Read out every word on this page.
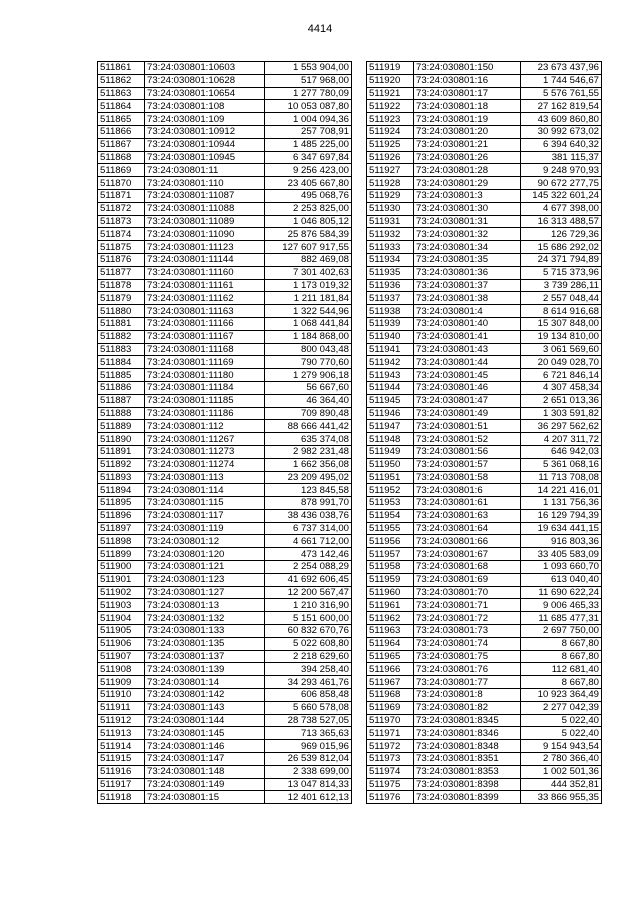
4414
511861	73:24:030801:10603	1 553 904,00
511862	73:24:030801:10628	517 968,00
511863	73:24:030801:10654	1 277 780,09
511864	73:24:030801:108	10 053 087,80
511865	73:24:030801:109	1 004 094,36
511866	73:24:030801:10912	257 708,91
511867	73:24:030801:10944	1 485 225,00
511868	73:24:030801:10945	6 347 697,84
511869	73:24:030801:11	9 256 423,00
511870	73:24:030801:110	23 405 667,80
511871	73:24:030801:11087	495 068,76
511872	73:24:030801:11088	2 253 825,00
511873	73:24:030801:11089	1 046 805,12
511874	73:24:030801:11090	25 876 584,39
511875	73:24:030801:11123	127 607 917,55
511876	73:24:030801:11144	882 469,08
511877	73:24:030801:11160	7 301 402,63
511878	73:24:030801:11161	1 173 019,32
511879	73:24:030801:11162	1 211 181,84
511880	73:24:030801:11163	1 322 544,96
511881	73:24:030801:11166	1 068 441,84
511882	73:24:030801:11167	1 184 868,00
511883	73:24:030801:11168	800 043,48
511884	73:24:030801:11169	790 770,60
511885	73:24:030801:11180	1 279 906,18
511886	73:24:030801:11184	56 667,60
511887	73:24:030801:11185	46 364,40
511888	73:24:030801:11186	709 890,48
511889	73:24:030801:112	88 666 441,42
511890	73:24:030801:11267	635 374,08
511891	73:24:030801:11273	2 982 231,48
511892	73:24:030801:11274	1 662 356,08
511893	73:24:030801:113	23 209 495,02
511894	73:24:030801:114	123 845,58
511895	73:24:030801:115	878 991,70
511896	73:24:030801:117	38 436 038,76
511897	73:24:030801:119	6 737 314,00
511898	73:24:030801:12	4 661 712,00
511899	73:24:030801:120	473 142,46
511900	73:24:030801:121	2 254 088,29
511901	73:24:030801:123	41 692 606,45
511902	73:24:030801:127	12 200 567,47
511903	73:24:030801:13	1 210 316,90
511904	73:24:030801:132	5 151 600,00
511905	73:24:030801:133	60 832 670,76
511906	73:24:030801:135	5 022 608,80
511907	73:24:030801:137	2 218 629,60
511908	73:24:030801:139	394 258,40
511909	73:24:030801:14	34 293 461,76
511910	73:24:030801:142	606 858,48
511911	73:24:030801:143	5 660 578,08
511912	73:24:030801:144	28 738 527,05
511913	73:24:030801:145	713 365,63
511914	73:24:030801:146	969 015,96
511915	73:24:030801:147	26 539 812,04
511916	73:24:030801:148	2 338 699,00
511917	73:24:030801:149	13 047 814,33
511918	73:24:030801:15	12 401 612,13
511919	73:24:030801:150	23 673 437,96
511920	73:24:030801:16	1 744 546,67
511921	73:24:030801:17	5 576 761,55
511922	73:24:030801:18	27 162 819,54
511923	73:24:030801:19	43 609 860,80
511924	73:24:030801:20	30 992 673,02
511925	73:24:030801:21	6 394 640,32
511926	73:24:030801:26	381 115,37
511927	73:24:030801:28	9 248 970,93
511928	73:24:030801:29	90 672 277,75
511929	73:24:030801:3	145 322 601,24
511930	73:24:030801:30	4 677 398,00
511931	73:24:030801:31	16 313 488,57
511932	73:24:030801:32	126 729,36
511933	73:24:030801:34	15 686 292,02
511934	73:24:030801:35	24 371 794,89
511935	73:24:030801:36	5 715 373,96
511936	73:24:030801:37	3 739 286,11
511937	73:24:030801:38	2 557 048,44
511938	73:24:030801:4	8 614 916,68
511939	73:24:030801:40	15 307 848,00
511940	73:24:030801:41	19 134 810,00
511941	73:24:030801:43	3 061 569,60
511942	73:24:030801:44	20 049 028,70
511943	73:24:030801:45	6 721 846,14
511944	73:24:030801:46	4 307 458,34
511945	73:24:030801:47	2 651 013,36
511946	73:24:030801:49	1 303 591,82
511947	73:24:030801:51	36 297 562,62
511948	73:24:030801:52	4 207 311,72
511949	73:24:030801:56	646 942,03
511950	73:24:030801:57	5 361 068,16
511951	73:24:030801:58	11 713 708,08
511952	73:24:030801:6	14 221 416,01
511953	73:24:030801:61	1 131 756,36
511954	73:24:030801:63	16 129 794,39
511955	73:24:030801:64	19 634 441,15
511956	73:24:030801:66	916 803,36
511957	73:24:030801:67	33 405 583,09
511958	73:24:030801:68	1 093 660,70
511959	73:24:030801:69	613 040,40
511960	73:24:030801:70	11 690 622,24
511961	73:24:030801:71	9 006 465,33
511962	73:24:030801:72	11 685 477,31
511963	73:24:030801:73	2 697 750,00
511964	73:24:030801:74	8 667,80
511965	73:24:030801:75	8 667,80
511966	73:24:030801:76	112 681,40
511967	73:24:030801:77	8 667,80
511968	73:24:030801:8	10 923 364,49
511969	73:24:030801:82	2 277 042,39
511970	73:24:030801:8345	5 022,40
511971	73:24:030801:8346	5 022,40
511972	73:24:030801:8348	9 154 943,54
511973	73:24:030801:8351	2 780 366,40
511974	73:24:030801:8353	1 002 501,36
511975	73:24:030801:8398	444 352,81
511976	73:24:030801:8399	33 866 955,35
